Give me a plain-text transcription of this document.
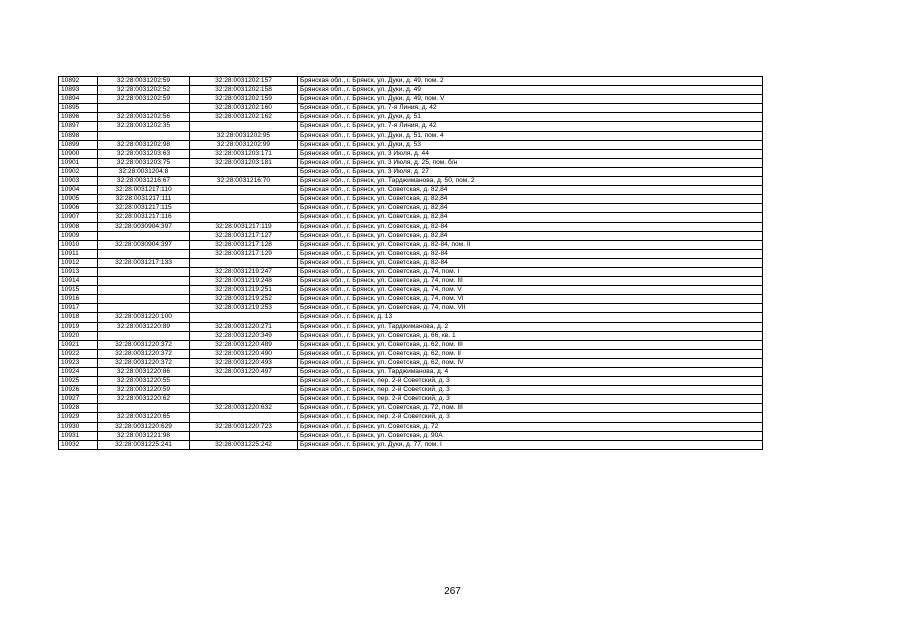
10892	32:28:0031202:59	32:28:0031202:157	Брянская обл., г. Брянск, ул. Дуки, д. 49, пом. 2
10893	32:28:0031202:52	32:28:0031202:158	Брянская обл., г. Брянск, ул. Дуки, д. 49
10894	32:28:0031202:59	32:28:0031202:159	Брянская обл., г. Брянск, ул. Дуки, д. 49, пом. V
10895		32:28:0031202:160	Брянская обл., г. Брянск, ул. 7-я Линия, д. 42
10896	32:28:0031202:56	32:28:0031202:162	Брянская обл., г. Брянск, ул. Дуки, д. 51
10897	32:28:0031202:35		Брянская обл., г. Брянск, ул. 7-я Линия, д. 42
10898		32:28:0031202:95	Брянская обл., г. Брянск, ул. Дуки, д. 51, пом. 4
10899	32:28:0031202:98	32:28:0031202:99	Брянская обл., г. Брянск, ул. Дуки, д. 53
10900	32:28:0031203:63	32:28:0031203:171	Брянская обл., г. Брянск, ул. 3 Июля, д. 44
10901	32:28:0031203:75	32:28:0031203:181	Брянская обл., г. Брянск, ул. 3 Июля, д. 25, пом. б/н
10902	32:28:0031204:8		Брянская обл., г. Брянск, ул. 3 Июля, д. 27
10903	32:28:0031216:67	32:28:0031216:70	Брянская обл., г. Брянск, ул. Тарджиманова, д. 50, пом. 2
10904	32:28:0031217:110		Брянская обл., г. Брянск, ул. Советская, д. 82,84
10905	32:28:0031217:111		Брянская обл., г. Брянск, ул. Советская, д. 82,84
10906	32:28:0031217:115		Брянская обл., г. Брянск, ул. Советская, д. 82,84
10907	32:28:0031217:116		Брянская обл., г. Брянск, ул. Советская, д. 82,84
10908	32:28:0030904:397	32:28:0031217:119	Брянская обл., г. Брянск, ул. Советская, д. 82-84
10909		32:28:0031217:127	Брянская обл., г. Брянск, ул. Советская, д. 82,84
10910	32:28:0030904:397	32:28:0031217:128	Брянская обл., г. Брянск, ул. Советская, д. 82-84, пом. II
10911		32:28:0031217:129	Брянская обл., г. Брянск, ул. Советская, д. 82-84
10912	32:28:0031217:133		Брянская обл., г. Брянск, ул. Советская, д. 82-84
10913		32:28:0031219:247	Брянская обл., г. Брянск, ул. Советская, д. 74, пом. I
10914		32:28:0031219:248	Брянская обл., г. Брянск, ул. Советская, д. 74, пом. III
10915		32:28:0031219:251	Брянская обл., г. Брянск, ул. Советская, д. 74, пом. V
10916		32:28:0031219:252	Брянская обл., г. Брянск, ул. Советская, д. 74, пом. VI
10917		32:28:0031219:253	Брянская обл., г. Брянск, ул. Советская, д. 74, пом. VII
10918	32:28:0031220:100		Брянская обл., г. Брянск, д. 13
10919	32:28:0031220:89	32:28:0031220:271	Брянская обл., г. Брянск, ул. Тарджиманова, д. 2
10920		32:28:0031220:349	Брянская обл., г. Брянск, ул. Советская, д. 66, кв. 1
10921	32:28:0031220:372	32:28:0031220:489	Брянская обл., г. Брянск, ул. Советская, д. 62, пом. III
10922	32:28:0031220:372	32:28:0031220:490	Брянская обл., г. Брянск, ул. Советская, д. 62, пом. II
10923	32:28:0031220:372	32:28:0031220:493	Брянская обл., г. Брянск, ул. Советская, д. 62, пом. IV
10924	32:28:0031220:86	32:28:0031220:497	Брянская обл., г. Брянск, ул. Тарджиманова, д. 4
10925	32:28:0031220:55		Брянская обл., г. Брянск, пер. 2-й Советский, д. 3
10926	32:28:0031220:59		Брянская обл., г. Брянск, пер. 2-й Советский, д. 3
10927	32:28:0031220:62		Брянская обл., г. Брянск, пер. 2-й Советский, д. 3
10928		32:28:0031220:632	Брянская обл., г. Брянск, ул. Советская, д. 72, пом. III
10929	32:28:0031220:65		Брянская обл., г. Брянск, пер. 2-й Советский, д. 3
10930	32:28:0031220:629	32:28:0031220:723	Брянская обл., г. Брянск, ул. Советская, д. 72
10931	32:28:0031221:98		Брянская обл., г. Брянск, ул. Советская, д. 90А
10932	32:28:0031225:241	32:28:0031225:242	Брянская обл., г. Брянск, ул. Дуки, д. 77, пом. I
267
